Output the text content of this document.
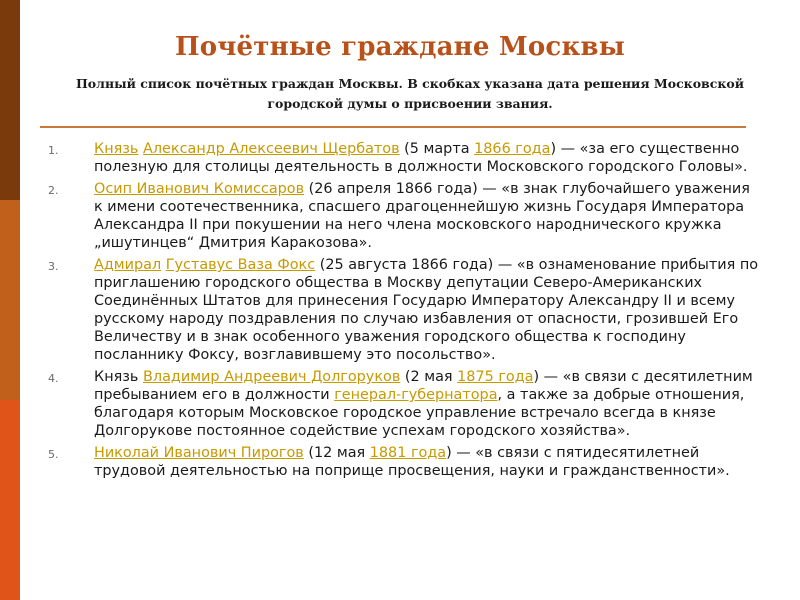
Почётные граждане Москвы
Полный список почётных граждан Москвы. В скобках указана дата решения Московской городской думы о присвоении звания.
1.	Князь Александр Алексеевич Щербатов (5 марта 1866 года) — «за его существенно полезную для столицы деятельность в должности Московского городского Головы».
2.	Осип Иванович Комиссаров (26 апреля 1866 года) — «в знак глубочайшего уважения к имени соотечественника, спасшего драгоценнейшую жизнь Государя Императора Александра II при покушении на него члена московского народнического кружка „ишутинцев“ Дмитрия Каракозова».
3.	Адмирал Густавус Ваза Фокс (25 августа 1866 года) — «в ознаменование прибытия по приглашению городского общества в Москву депутации Северо-Американских Соединённых Штатов для принесения Государю Императору Александру II и всему русскому народу поздравления по случаю избавления от опасности, грозившей Его Величеству и в знак особенного уважения городского общества к господину посланнику Фоксу, возглавившему это посольство».
4.	Князь Владимир Андреевич Долгоруков (2 мая 1875 года) — «в связи с десятилетним пребыванием его в должности генерал-губернатора, а также за добрые отношения, благодаря которым Московское городское управление встречало всегда в князе Долгорукове постоянное содействие успехам городского хозяйства».
5.	Николай Иванович Пирогов (12 мая 1881 года) — «в связи с пятидесятилетней трудовой деятельностью на поприще просвещения, науки и гражданственности».
